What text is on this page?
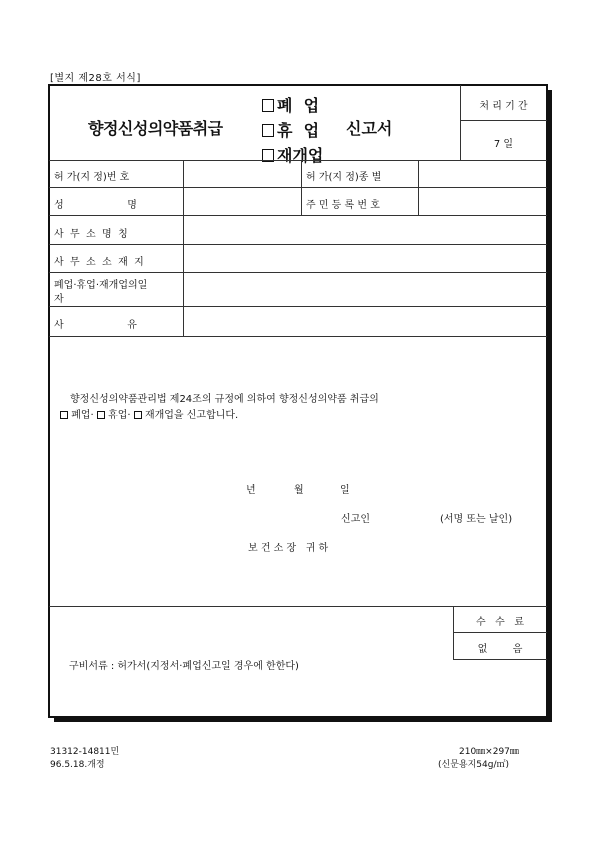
[별지 제28호 서식]
향정신성의약품취급
폐  업
휴  업
재개업
신고서
처 리 기 간
7 일
허 가(지 정)번 호	허 가(지 정)종 별
성                    명	주 민 등 록 번 호
사  무  소  명  칭
사  무  소  소  재  지
폐업·휴업·재개업의일
자
사                    유
향정신성의약품관리법 제24조의 규정에 의하여 향정신성의약품 취급의
폐업·  휴업·  재개업을 신고합니다.
년	월	일
신고인	(서명 또는 날인)
보 건 소 장   귀 하
수   수   료
없        음
구비서류 : 허가서(지정서·폐업신고일 경우에 한한다)
31312-14811민
96.5.18.개정
210㎜×297㎜
(신문용지54g/㎡)
